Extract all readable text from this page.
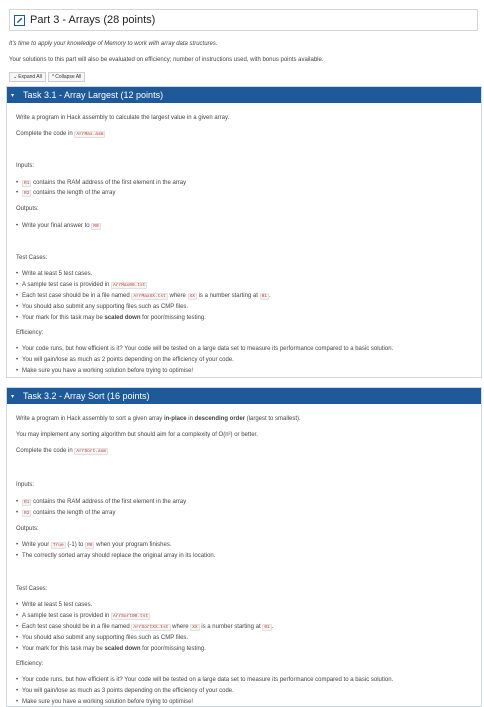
Part 3 - Arrays (28 points)
It's time to apply your knowledge of Memory to work with array data structures.
Your solutions to this part will also be evaluated on efficiency; number of instructions used, with bonus points available.
⌄ Expand All ^ Collapse All
▾ Task 3.1 - Array Largest (12 points)
Write a program in Hack assembly to calculate the largest value in a given array.
Complete the code in ArrMax.asm
Inputs:
• R1 contains the RAM address of the first element in the array
• R2 contains the length of the array
Outputs:
• Write your final answer to R0
Test Cases:
• Write at least 5 test cases.
• A sample test case is provided in ArrMax00.tst
• Each test case should be in a file named ArrMaxXX.tst where XX is a number starting at 01 .
• You should also submit any supporting files such as CMP files.
• Your mark for this task may be scaled down for poor/missing testing.
Efficiency:
• Your code runs, but how efficient is it? Your code will be tested on a large data set to measure its performance compared to a basic solution.
• You will gain/lose as much as 2 points depending on the efficiency of your code.
• Make sure you have a working solution before trying to optimise!
▾ Task 3.2 - Array Sort (16 points)
Write a program in Hack assembly to sort a given array in-place in descending order (largest to smallest).
You may implement any sorting algorithm but should aim for a complexity of O(n²) or better.
Complete the code in ArrSort.asm
Inputs:
• R1 contains the RAM address of the first element in the array
• R2 contains the length of the array
Outputs:
• Write your True (-1) to R0 when your program finishes.
• The correctly sorted array should replace the original array in its location.
Test Cases:
• Write at least 5 test cases.
• A sample test case is provided in ArrSort00.tst
• Each test case should be in a file named ArrSortXX.tst where XX is a number starting at 01 .
• You should also submit any supporting files such as CMP files.
• Your mark for this task may be scaled down for poor/missing testing.
Efficiency:
• Your code runs, but how efficient is it? Your code will be tested on a large data set to measure its performance compared to a basic solution.
• You will gain/lose as much as 3 points depending on the efficiency of your code.
• Make sure you have a working solution before trying to optimise!
